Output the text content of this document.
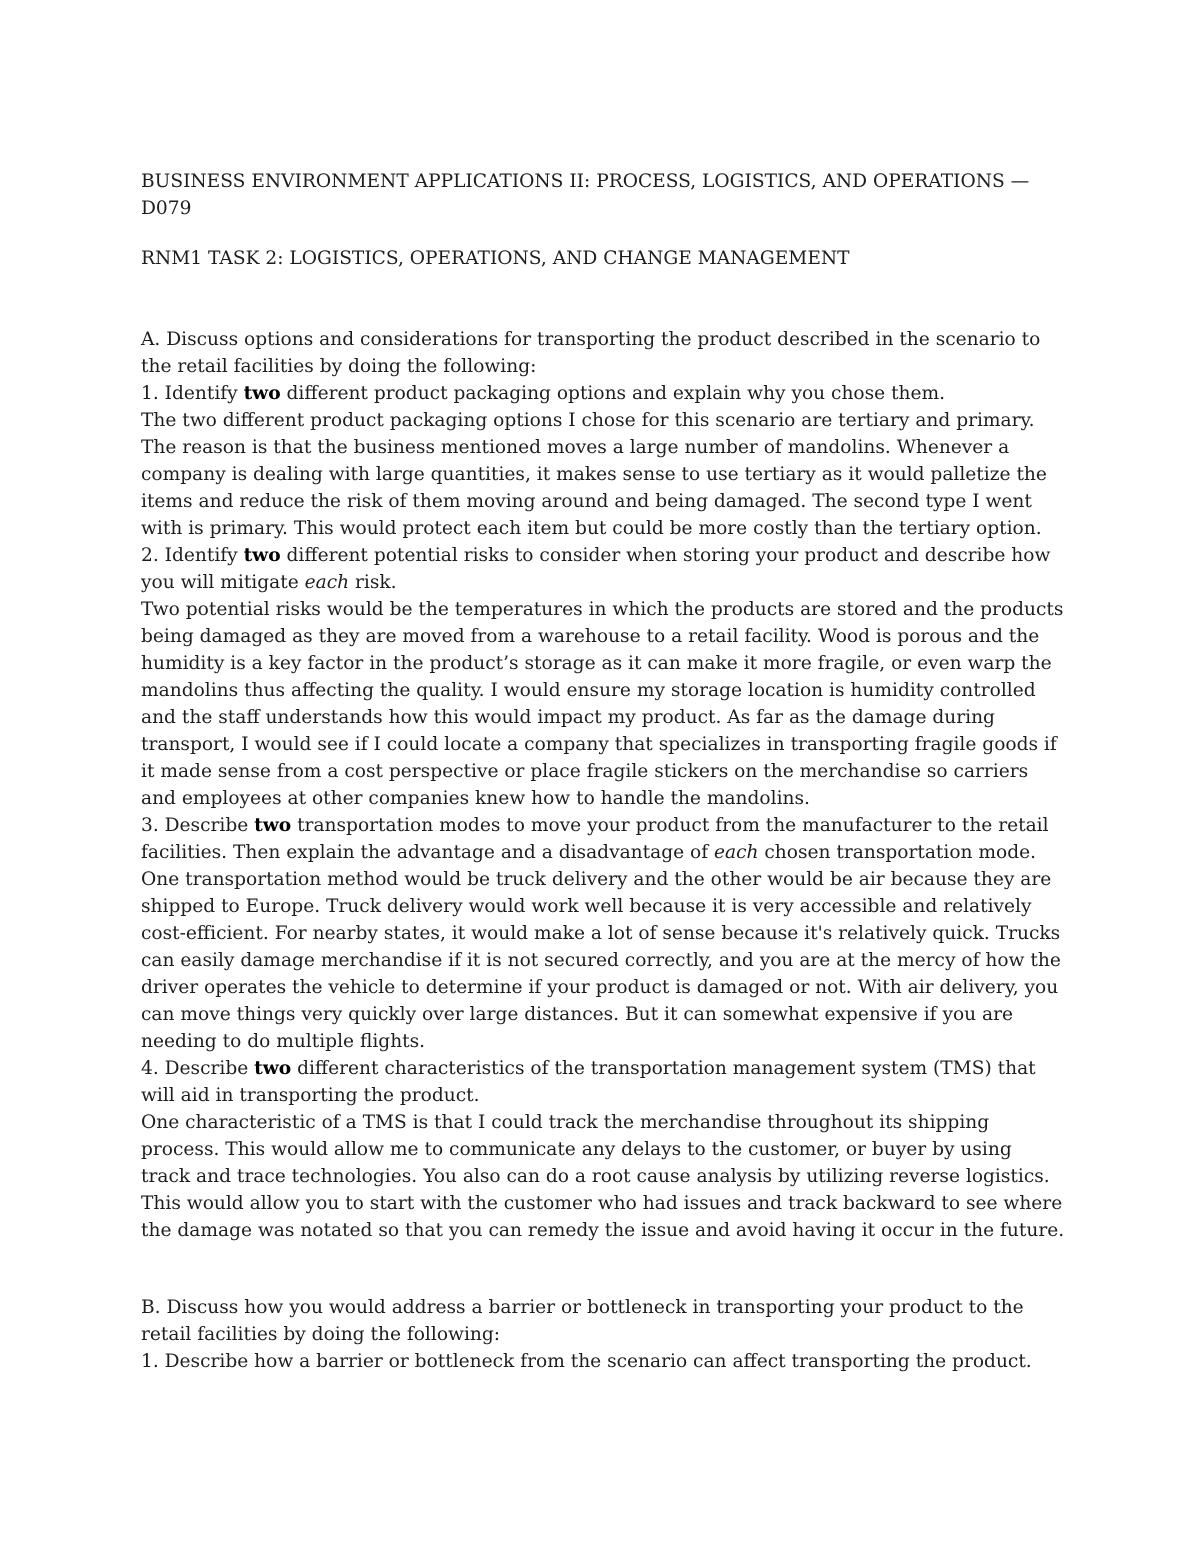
BUSINESS ENVIRONMENT APPLICATIONS II: PROCESS, LOGISTICS, AND OPERATIONS — D079

RNM1 TASK 2: LOGISTICS, OPERATIONS, AND CHANGE MANAGEMENT

A. Discuss options and considerations for transporting the product described in the scenario to the retail facilities by doing the following:

1. Identify two different product packaging options and explain why you chose them.

The two different product packaging options I chose for this scenario are tertiary and primary. The reason is that the business mentioned moves a large number of mandolins. Whenever a company is dealing with large quantities, it makes sense to use tertiary as it would palletize the items and reduce the risk of them moving around and being damaged. The second type I went with is primary. This would protect each item but could be more costly than the tertiary option.

2. Identify two different potential risks to consider when storing your product and describe how you will mitigate each risk.

Two potential risks would be the temperatures in which the products are stored and the products being damaged as they are moved from a warehouse to a retail facility. Wood is porous and the humidity is a key factor in the product’s storage as it can make it more fragile, or even warp the mandolins thus affecting the quality. I would ensure my storage location is humidity controlled and the staff understands how this would impact my product. As far as the damage during transport, I would see if I could locate a company that specializes in transporting fragile goods if it made sense from a cost perspective or place fragile stickers on the merchandise so carriers and employees at other companies knew how to handle the mandolins.

3. Describe two transportation modes to move your product from the manufacturer to the retail facilities. Then explain the advantage and a disadvantage of each chosen transportation mode.

One transportation method would be truck delivery and the other would be air because they are shipped to Europe. Truck delivery would work well because it is very accessible and relatively cost-efficient. For nearby states, it would make a lot of sense because it's relatively quick. Trucks can easily damage merchandise if it is not secured correctly, and you are at the mercy of how the driver operates the vehicle to determine if your product is damaged or not. With air delivery, you can move things very quickly over large distances. But it can somewhat expensive if you are needing to do multiple flights.

4. Describe two different characteristics of the transportation management system (TMS) that will aid in transporting the product.

One characteristic of a TMS is that I could track the merchandise throughout its shipping process. This would allow me to communicate any delays to the customer, or buyer by using track and trace technologies. You also can do a root cause analysis by utilizing reverse logistics. This would allow you to start with the customer who had issues and track backward to see where the damage was notated so that you can remedy the issue and avoid having it occur in the future.

B. Discuss how you would address a barrier or bottleneck in transporting your product to the retail facilities by doing the following:

1. Describe how a barrier or bottleneck from the scenario can affect transporting the product.
